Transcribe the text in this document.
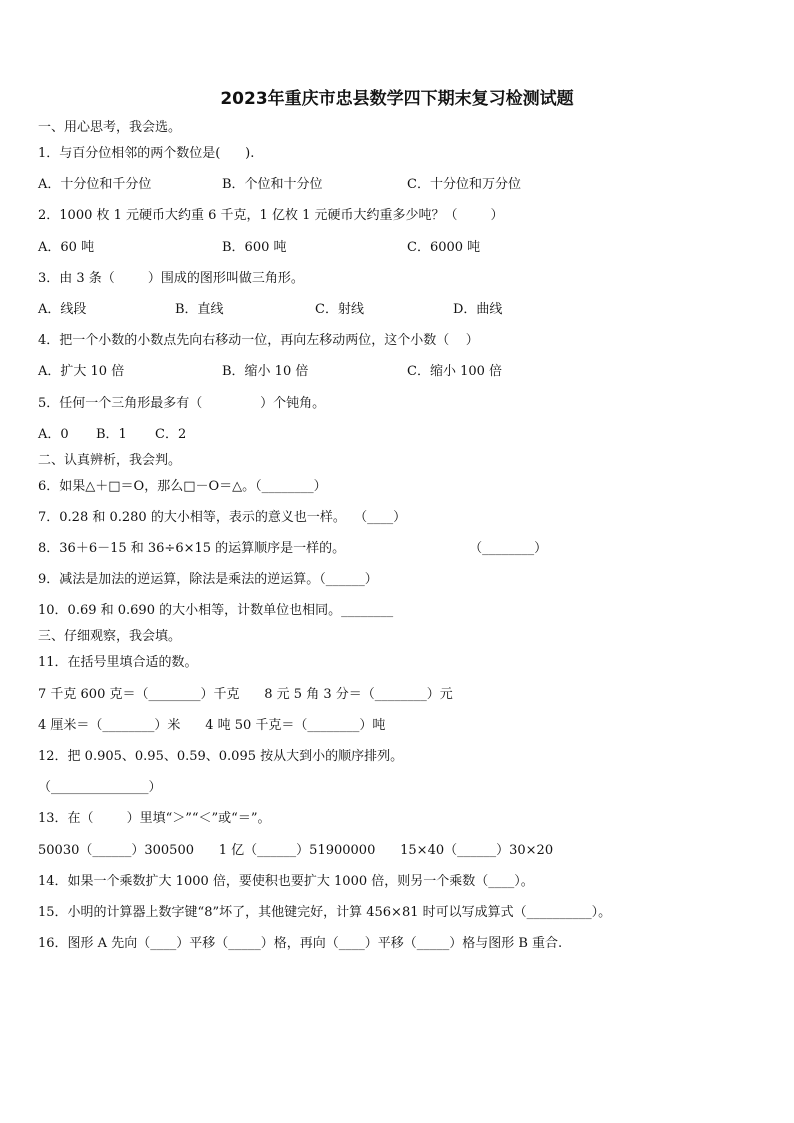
2023年重庆市忠县数学四下期末复习检测试题
一、用心思考，我会选。
1．与百分位相邻的两个数位是(      ).
A．十分位和千分位	B．个位和十分位	C．十分位和万分位
2．1000 枚 1 元硬币大约重 6 千克，1 亿枚 1 元硬币大约重多少吨？（        ）
A．60 吨	B．600 吨	C．6000 吨
3．由 3 条（        ）围成的图形叫做三角形。
A．线段	B．直线	C．射线	D．曲线
4．把一个小数的小数点先向右移动一位，再向左移动两位，这个小数（    ）
A．扩大 10 倍	B．缩小 10 倍	C．缩小 100 倍
5．任何一个三角形最多有（              ）个钝角。
A．0 B．1 C．2
二、认真辨析，我会判。
6．如果△＋□＝O，那么□－O＝△。（________）
7．0.28 和 0.280 的大小相等，表示的意义也一样。  （____）
8．36＋6－15 和 36÷6×15 的运算顺序是一样的。                              （________）
9．减法是加法的逆运算，除法是乘法的逆运算。（______）
10．0.69 和 0.690 的大小相等，计数单位也相同。________
三、仔细观察，我会填。
11．在括号里填合适的数。
7 千克 600 克＝（________）千克      8 元 5 角 3 分＝（________）元
4 厘米＝（________）米      4 吨 50 千克＝（________）吨
12．把 0.905、0.95、0.59、0.095 按从大到小的顺序排列。
（_______________）
13．在（        ）里填“＞”“＜”或“＝”。
50030（______）300500      1 亿（______）51900000      15×40（______）30×20
14．如果一个乘数扩大 1000 倍，要使积也要扩大 1000 倍，则另一个乘数（____）。
15．小明的计算器上数字键“8”坏了，其他键完好，计算 456×81 时可以写成算式（__________）。
16．图形 A 先向（____）平移（_____）格，再向（____）平移（_____）格与图形 B 重合.
